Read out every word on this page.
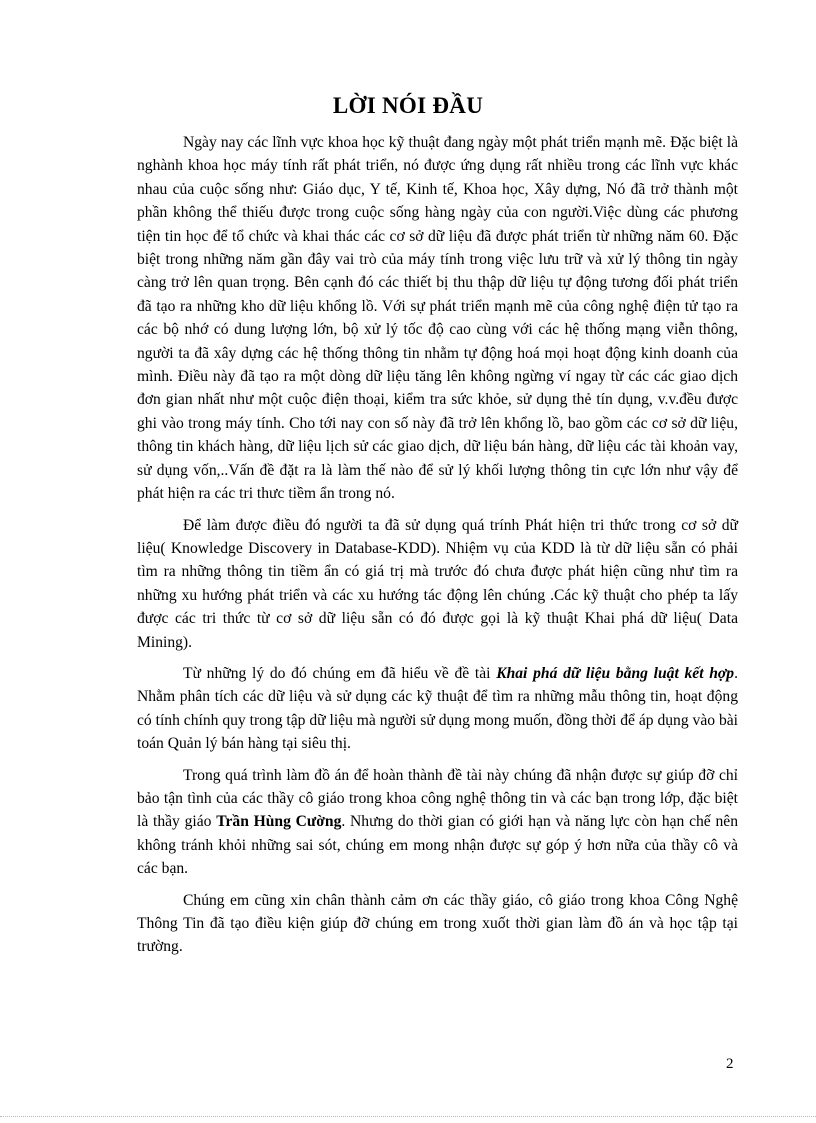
LỜI NÓI ĐẦU

Ngày nay các lĩnh vực khoa học kỹ thuật đang ngày một phát triển mạnh mẽ. Đặc biệt là nghành khoa học máy tính rất phát triển, nó được ứng dụng rất nhiều trong các lĩnh vực khác nhau của cuộc sống như: Giáo dục, Y tế, Kinh tế, Khoa học, Xây dựng, Nó đã trở thành một phần không thể thiếu được trong cuộc sống hàng ngày của con người.Việc dùng các phương tiện tin học để tổ chức và khai thác các cơ sở dữ liệu đã được phát triển từ những năm 60. Đặc biệt trong những năm gần đây vai trò của máy tính trong việc lưu trữ và xử lý thông tin ngày càng trở lên quan trọng. Bên cạnh đó các thiết bị thu thập dữ liệu tự động tương đối phát triển đã tạo ra những kho dữ liệu khổng lồ. Với sự phát triển mạnh mẽ của công nghệ điện tử tạo ra các bộ nhớ có dung lượng lớn, bộ xử lý tốc độ cao cùng với các hệ thống mạng viễn thông, người ta đã xây dựng các hệ thống thông tin nhằm tự động hoá mọi hoạt động kinh doanh của mình. Điều này đã tạo ra một dòng dữ liệu tăng lên không ngừng ví ngay từ các các giao dịch đơn gian nhất như một cuộc điện thoại, kiểm tra sức khỏe, sử dụng thẻ tín dụng, v.v.đều được ghi vào trong máy tính. Cho tới nay con số này đã trở lên khổng lồ, bao gồm các cơ sở dữ liệu, thông tin khách hàng, dữ liệu lịch sử các giao dịch, dữ liệu bán hàng, dữ liệu các tài khoản vay, sử dụng vốn,..Vấn đề đặt ra là làm thế nào để sử lý khối lượng thông tin cực lớn như vậy để phát hiện ra các tri thưc tiềm ẩn trong nó.

Để làm được điều đó người ta đã sử dụng quá trính Phát hiện tri thức trong cơ sở dữ liệu( Knowledge Discovery in Database-KDD). Nhiệm vụ của KDD là từ dữ liệu sẵn có phải tìm ra những thông tin tiềm ẩn có giá trị mà trước đó chưa được phát hiện cũng như tìm ra những xu hướng phát triển và các xu hướng tác động lên chúng .Các kỹ thuật cho phép ta lấy được các tri thức từ cơ sở dữ liệu sẵn có đó được gọi là kỹ thuật Khai phá dữ liệu( Data Mining).

Từ những lý do đó chúng em đã hiểu về đề tài Khai phá dữ liệu bằng luật kết hợp. Nhằm phân tích các dữ liệu và sử dụng các kỹ thuật để tìm ra những mẫu thông tin, hoạt động có tính chính quy trong tập dữ liệu mà người sử dụng mong muốn, đồng thời để áp dụng vào bài toán Quản lý bán hàng tại siêu thị.

Trong quá trình làm đồ án để hoàn thành đề tài này chúng đã nhận được sự giúp đỡ chỉ bảo tận tình của các thầy cô giáo trong khoa công nghệ thông tin và các bạn trong lớp, đặc biệt là thầy giáo Trần Hùng Cường. Nhưng do thời gian có giới hạn và năng lực còn hạn chế nên không tránh khỏi những sai sót, chúng em mong nhận được sự góp ý hơn nữa của thầy cô và các bạn.

Chúng em cũng xin chân thành cảm ơn các thầy giáo, cô giáo trong khoa Công Nghệ Thông Tin đã tạo điều kiện giúp đỡ chúng em trong xuốt thời gian làm đồ án và học tập tại trường.

2
